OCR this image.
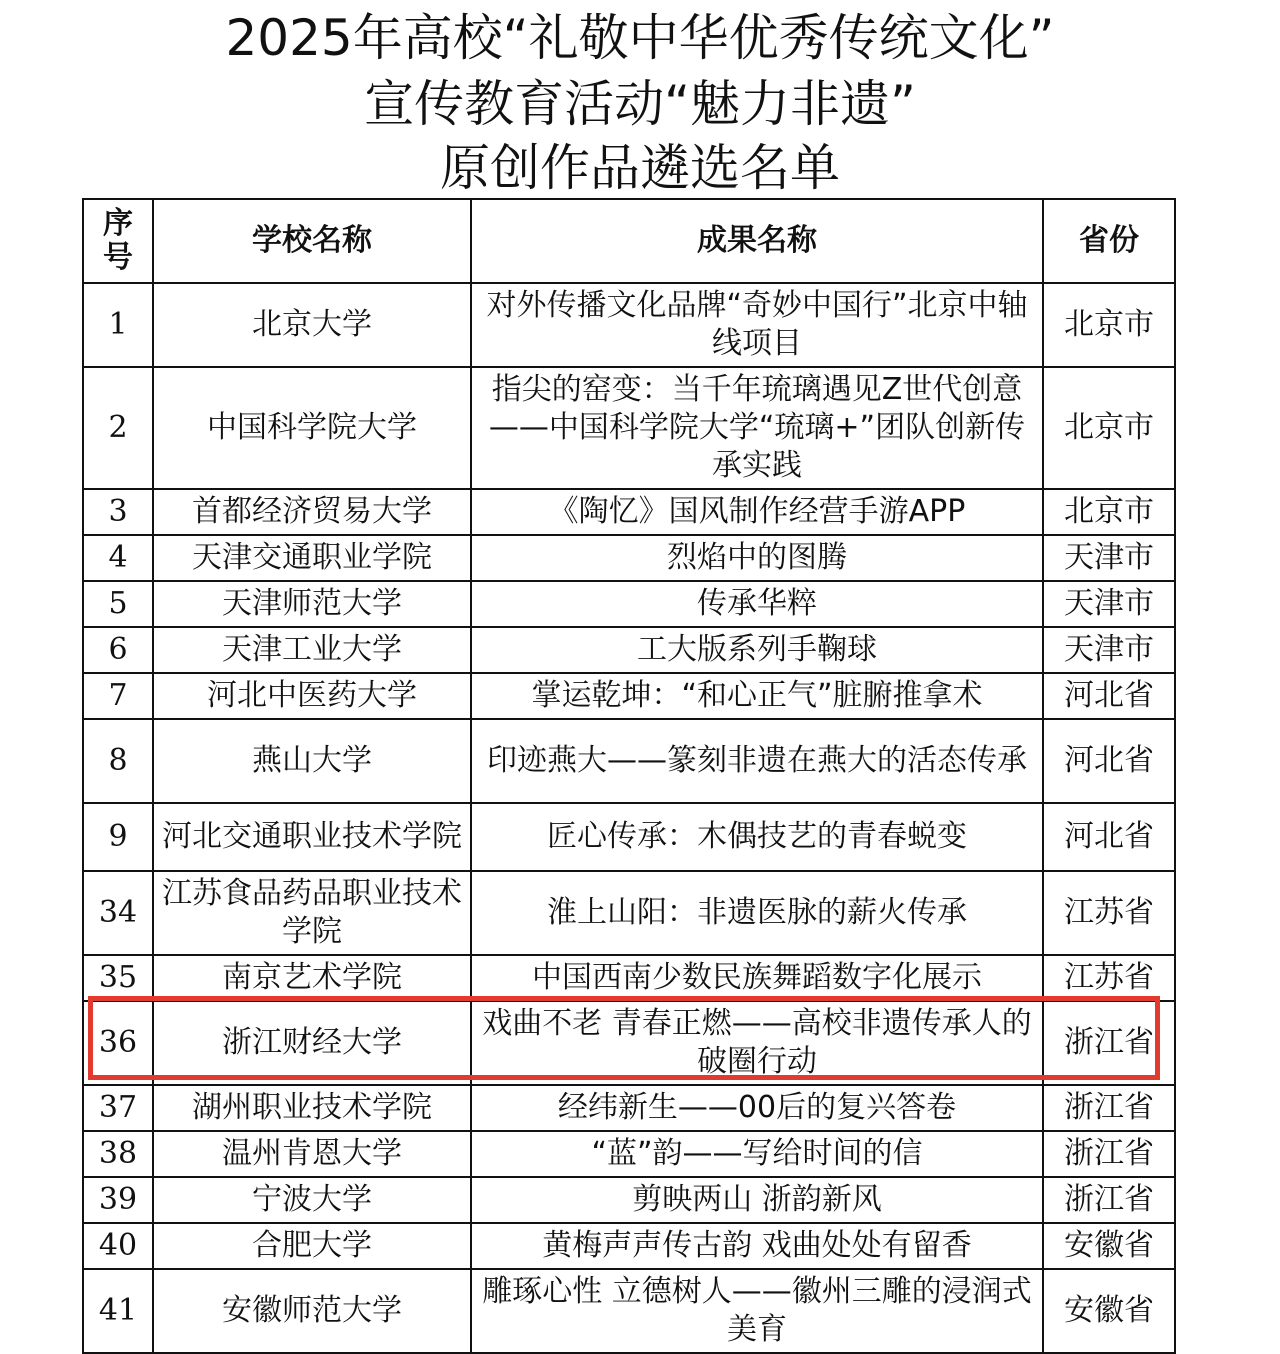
2025年高校“礼敬中华优秀传统文化”
宣传教育活动“魅力非遗”
原创作品遴选名单
序号	学校名称	成果名称	省份
1	北京大学	对外传播文化品牌“奇妙中国行”北京中轴线项目	北京市
2	中国科学院大学	指尖的窑变：当千年琉璃遇见Z世代创意——中国科学院大学“琉璃+”团队创新传承实践	北京市
3	首都经济贸易大学	《陶忆》国风制作经营手游APP	北京市
4	天津交通职业学院	烈焰中的图腾	天津市
5	天津师范大学	传承华粹	天津市
6	天津工业大学	工大版系列手鞠球	天津市
7	河北中医药大学	掌运乾坤：“和心正气”脏腑推拿术	河北省
8	燕山大学	印迹燕大——篆刻非遗在燕大的活态传承	河北省
9	河北交通职业技术学院	匠心传承：木偶技艺的青春蜕变	河北省
34	江苏食品药品职业技术学院	淮上山阳：非遗医脉的薪火传承	江苏省
35	南京艺术学院	中国西南少数民族舞蹈数字化展示	江苏省
36	浙江财经大学	戏曲不老 青春正燃——高校非遗传承人的破圈行动	浙江省
37	湖州职业技术学院	经纬新生——00后的复兴答卷	浙江省
38	温州肯恩大学	“蓝”韵——写给时间的信	浙江省
39	宁波大学	剪映两山 浙韵新风	浙江省
40	合肥大学	黄梅声声传古韵 戏曲处处有留香	安徽省
41	安徽师范大学	雕琢心性 立德树人——徽州三雕的浸润式美育	安徽省
